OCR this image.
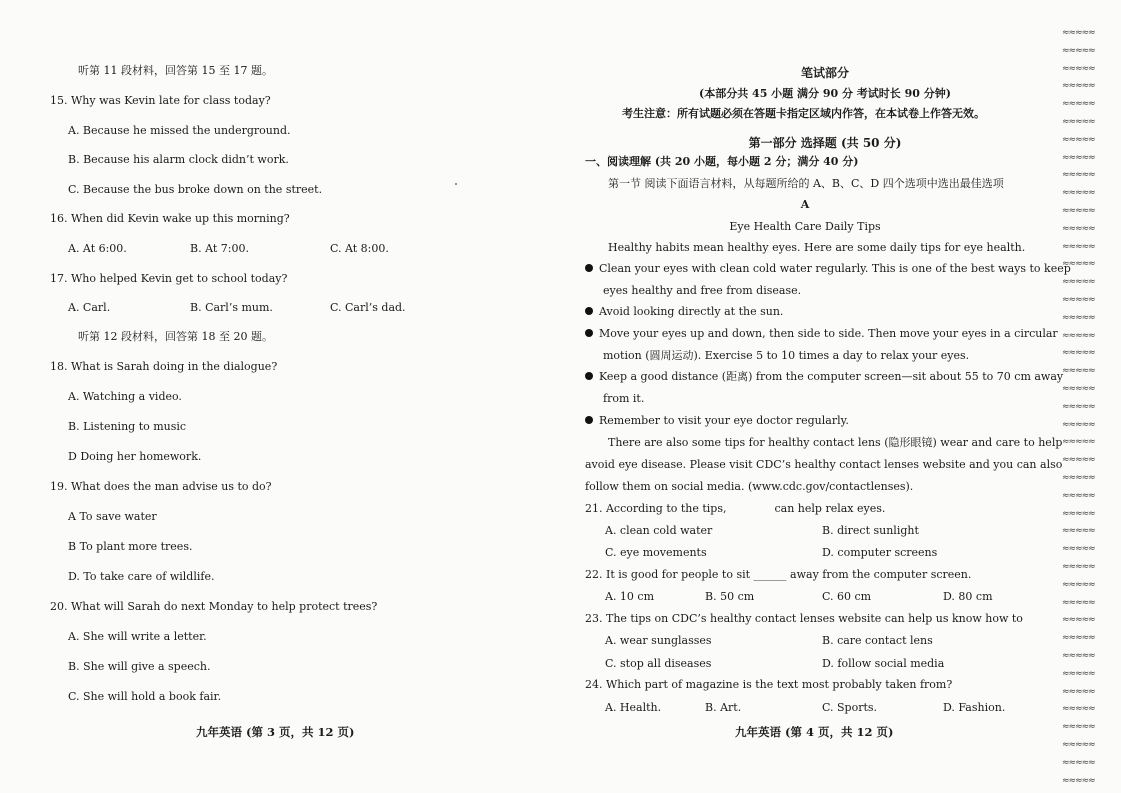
听第 11 段材料，回答第 15 至 17 题。
15. Why was Kevin late for class today?
A. Because he missed the underground.
B. Because his alarm clock didn’t work.
C. Because the bus broke down on the street.
16. When did Kevin wake up this morning?
A. At 6:00.	B. At 7:00.	C. At 8:00.
17. Who helped Kevin get to school today?
A. Carl.	B. Carl’s mum.	C. Carl’s dad.
听第 12 段材料，回答第 18 至 20 题。
18. What is Sarah doing in the dialogue?
A. Watching a video.
B. Listening to music
D Doing her homework.
19. What does the man advise us to do?
A To save water
B To plant more trees.
D. To take care of wildlife.
20. What will Sarah do next Monday to help protect trees?
A. She will write a letter.
B. She will give a speech.
C. She will hold a book fair.
九年英语 (第 3 页，共 12 页)
笔试部分
(本部分共 45 小题 满分 90 分 考试时长 90 分钟)
考生注意：所有试题必须在答题卡指定区域内作答，在本试卷上作答无效。
第一部分 选择题 (共 50 分)
一、阅读理解 (共 20 小题，每小题 2 分；满分 40 分)
第一节 阅读下面语言材料，从每题所给的 A、B、C、D 四个选项中选出最佳选项
A
Eye Health Care Daily Tips
Healthy habits mean healthy eyes. Here are some daily tips for eye health.
Clean your eyes with clean cold water regularly. This is one of the best ways to keep
eyes healthy and free from disease.
Avoid looking directly at the sun.
Move your eyes up and down, then side to side. Then move your eyes in a circular
motion (圆周运动). Exercise 5 to 10 times a day to relax your eyes.
Keep a good distance (距离) from the computer screen—sit about 55 to 70 cm away
from it.
Remember to visit your eye doctor regularly.
There are also some tips for healthy contact lens (隐形眼镜) wear and care to help
avoid eye disease. Please visit CDC’s healthy contact lenses website and you can also
follow them on social media. (www.cdc.gov/contactlenses).
21. According to the tips,	can help relax eyes.
A. clean cold water	B. direct sunlight
C. eye movements	D. computer screens
22. It is good for people to sit ______ away from the computer screen.
A. 10 cm	B. 50 cm	C. 60 cm	D. 80 cm
23. The tips on CDC’s healthy contact lenses website can help us know how to
A. wear sunglasses	B. care contact lens
C. stop all diseases	D. follow social media
24. Which part of magazine is the text most probably taken from?
A. Health.	B. Art.	C. Sports.	D. Fashion.
九年英语 (第 4 页，共 12 页)
≈≈≈≈≈
≈≈≈≈≈
≈≈≈≈≈
≈≈≈≈≈
≈≈≈≈≈
≈≈≈≈≈
≈≈≈≈≈
≈≈≈≈≈
≈≈≈≈≈
≈≈≈≈≈
≈≈≈≈≈
≈≈≈≈≈
≈≈≈≈≈
≈≈≈≈≈
≈≈≈≈≈
≈≈≈≈≈
≈≈≈≈≈
≈≈≈≈≈
≈≈≈≈≈
≈≈≈≈≈
≈≈≈≈≈
≈≈≈≈≈
≈≈≈≈≈
≈≈≈≈≈
≈≈≈≈≈
≈≈≈≈≈
≈≈≈≈≈
≈≈≈≈≈
≈≈≈≈≈
≈≈≈≈≈
≈≈≈≈≈
≈≈≈≈≈
≈≈≈≈≈
≈≈≈≈≈
≈≈≈≈≈
≈≈≈≈≈
≈≈≈≈≈
≈≈≈≈≈
≈≈≈≈≈
≈≈≈≈≈
≈≈≈≈≈
≈≈≈≈≈
≈≈≈≈≈
